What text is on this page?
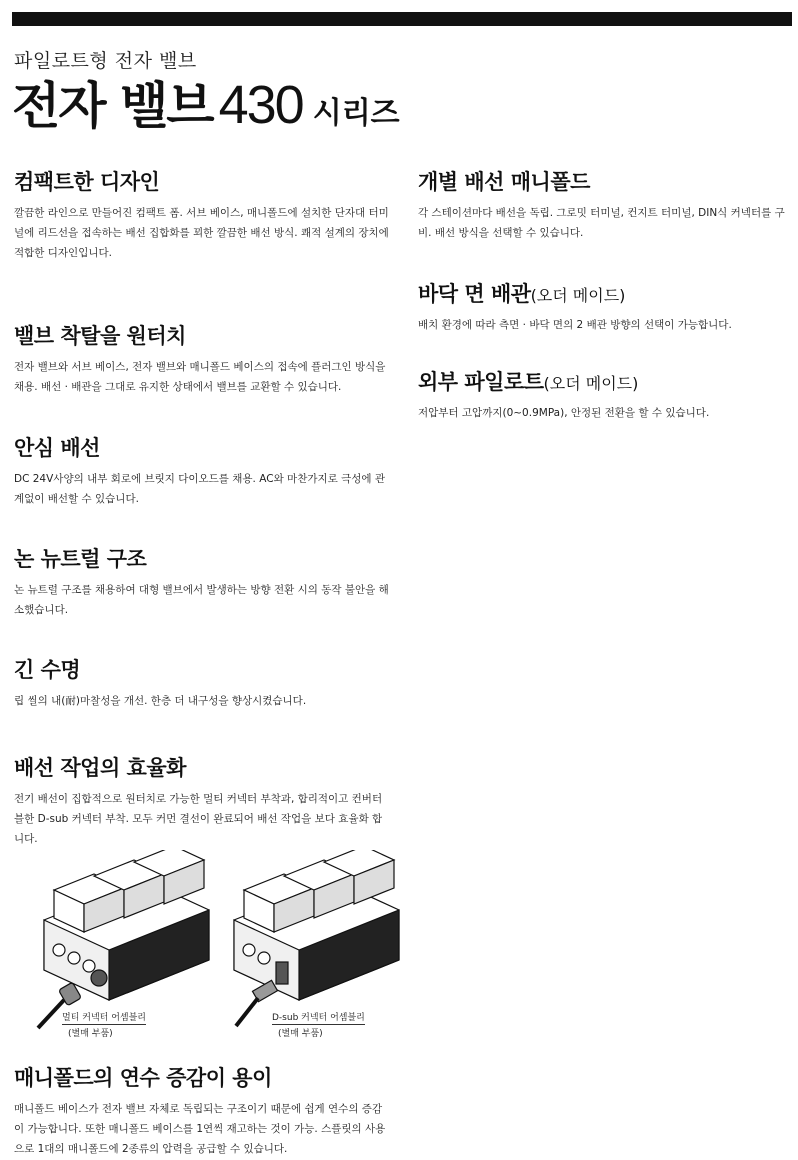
파일로트형 전자 밸브
전자 밸브 430 시리즈
컴팩트한 디자인

깔끔한 라인으로 만들어진 컴팩트 폼. 서브 베이스, 매니폴드에 설치한 단자대 터미널에 리드선을 접속하는 배선 집합화를 꾀한 깔끔한 배선 방식. 쾌적 설계의 장치에 적합한 디자인입니다.

밸브 착탈을 원터치

전자 밸브와 서브 베이스, 전자 밸브와 매니폴드 베이스의 접속에 플러그인 방식을 채용. 배선 · 배관을 그대로 유지한 상태에서 밸브를 교환할 수 있습니다.

안심 배선

DC 24V사양의 내부 회로에 브릿지 다이오드를 채용. AC와 마찬가지로 극성에 관계없이 배선할 수 있습니다.

논 뉴트럴 구조

논 뉴트럴 구조를 채용하여 대형 밸브에서 발생하는 방향 전환 시의 동작 불안을 해소했습니다.

긴 수명

립 씰의 내(耐)마찰성을 개선. 한층 더 내구성을 향상시켰습니다.

배선 작업의 효율화

전기 배선이 집합적으로 원터치로 가능한 멀티 커넥터 부착과, 합리적이고 컨버터블한 D-sub 커넥터 부착. 모두 커먼 결선이 완료되어 배선 작업을 보다 효율화 합니다.

멀티 커넥터 어셈블리
(별매 부품)
D-sub 커넥터 어셈블리
(별매 부품)
매니폴드의 연수 증감이 용이

매니폴드 베이스가 전자 밸브 자체로 독립되는 구조이기 때문에 쉽게 연수의 증감이 가능합니다. 또한 매니폴드 베이스를 1연씩 재고하는 것이 가능. 스플릿의 사용으로 1대의 매니폴드에 2종류의 압력을 공급할 수 있습니다.

개별 배선 매니폴드

각 스테이션마다 배선을 독립. 그로밋 터미널, 컨지트 터미널, DIN식 커넥터를 구비. 배선 방식을 선택할 수 있습니다.

바닥 면 배관(오더 메이드)

배치 환경에 따라 측면 · 바닥 면의 2 배관 방향의 선택이 가능합니다.

외부 파일로트(오더 메이드)

저압부터 고압까지(0~0.9MPa), 안정된 전환을 할 수 있습니다.
